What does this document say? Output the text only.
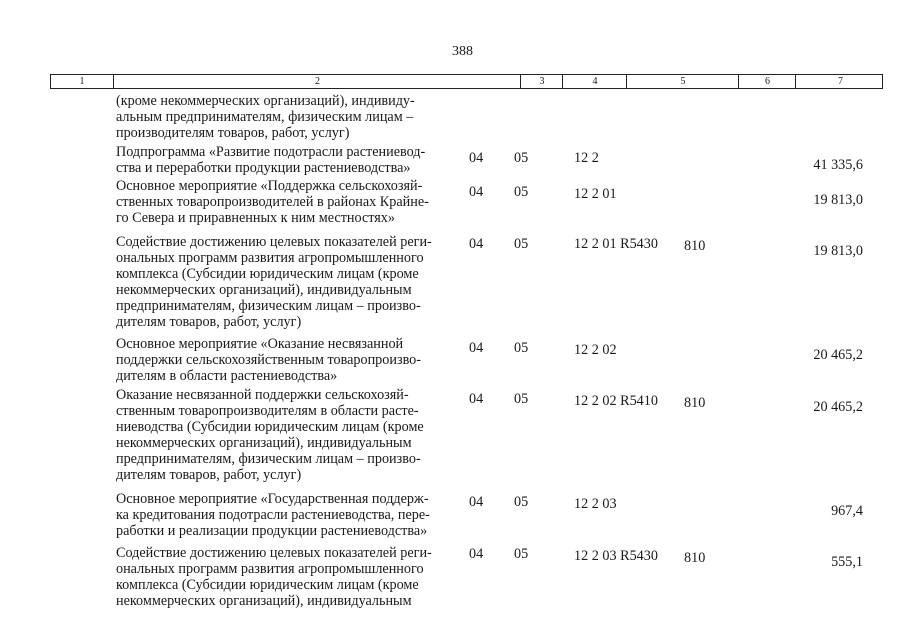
388
1	2	3	4	5	6	7
(кроме некоммерческих организаций), индивиду-
альным предпринимателям, физическим лицам –
производителям товаров, работ, услуг)
Подпрограмма «Развитие подотрасли растениевод-
ства и переработки продукции растениеводства»
04 05	12 2	41 335,6
Основное мероприятие «Поддержка сельскохозяй-
ственных товаропроизводителей в районах Крайне-
го Севера и приравненных к ним местностях»
04 05	12 2 01	19 813,0
Содействие достижению целевых показателей реги-
ональных программ развития агропромышленного
комплекса (Субсидии юридическим лицам (кроме
некоммерческих организаций), индивидуальным
предпринимателям, физическим лицам – произво-
дителям товаров, работ, услуг)
04 05	12 2 01 R5430 810	19 813,0
Основное мероприятие «Оказание несвязанной
поддержки сельскохозяйственным товаропроизво-
дителям в области растениеводства»
04 05	12 2 02	20 465,2
Оказание несвязанной поддержки сельскохозяй-
ственным товаропроизводителям в области расте-
ниеводства (Субсидии юридическим лицам (кроме
некоммерческих организаций), индивидуальным
предпринимателям, физическим лицам – произво-
дителям товаров, работ, услуг)
04 05	12 2 02 R5410 810	20 465,2
Основное мероприятие «Государственная поддерж-
ка кредитования подотрасли растениеводства, пере-
работки и реализации продукции растениеводства»
04 05	12 2 03	967,4
Содействие достижению целевых показателей реги-
ональных программ развития агропромышленного
комплекса (Субсидии юридическим лицам (кроме
некоммерческих организаций), индивидуальным
04 05	12 2 03 R5430 810	555,1
